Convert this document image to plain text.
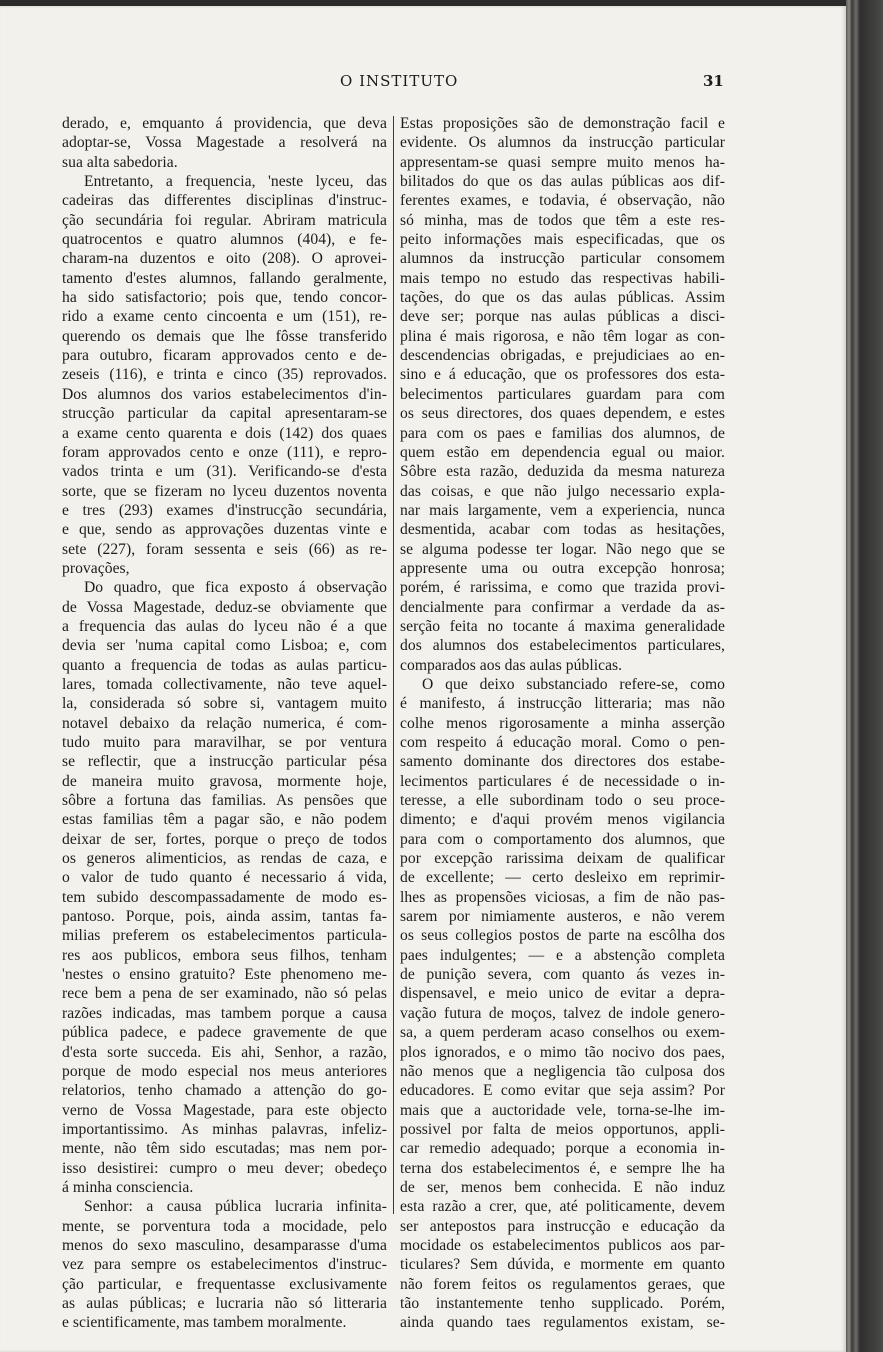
O INSTITUTO	31

derado, e, emquanto á providencia, que deva

adoptar-se, Vossa Magestade a resolverá na

sua alta sabedoria.

Entretanto, a frequencia, 'neste lyceu, das

cadeiras das differentes disciplinas d'instruc-

ção secundária foi regular. Abriram matricula

quatrocentos e quatro alumnos (404), e fe-

charam-na duzentos e oito (208). O aprovei-

tamento d'estes alumnos, fallando geralmente,

ha sido satisfactorio; pois que, tendo concor-

rido a exame cento cincoenta e um (151), re-

querendo os demais que lhe fôsse transferido

para outubro, ficaram approvados cento e de-

zeseis (116), e trinta e cinco (35) reprovados.

Dos alumnos dos varios estabelecimentos d'in-

strucção particular da capital apresentaram-se

a exame cento quarenta e dois (142) dos quaes

foram approvados cento e onze (111), e repro-

vados trinta e um (31). Verificando-se d'esta

sorte, que se fizeram no lyceu duzentos noventa

e tres (293) exames d'instrucção secundária,

e que, sendo as approvações duzentas vinte e

sete (227), foram sessenta e seis (66) as re-

provações,

Do quadro, que fica exposto á observação

de Vossa Magestade, deduz-se obviamente que

a frequencia das aulas do lyceu não é a que

devia ser 'numa capital como Lisboa; e, com

quanto a frequencia de todas as aulas particu-

lares, tomada collectivamente, não teve aquel-

la, considerada só sobre si, vantagem muito

notavel debaixo da relação numerica, é com-

tudo muito para maravilhar, se por ventura

se reflectir, que a instrucção particular pésa

de maneira muito gravosa, mormente hoje,

sôbre a fortuna das familias. As pensões que

estas familias têm a pagar são, e não podem

deixar de ser, fortes, porque o preço de todos

os generos alimenticios, as rendas de caza, e

o valor de tudo quanto é necessario á vida,

tem subido descompassadamente de modo es-

pantoso. Porque, pois, ainda assim, tantas fa-

milias preferem os estabelecimentos particula-

res aos publicos, embora seus filhos, tenham

'nestes o ensino gratuito? Este phenomeno me-

rece bem a pena de ser examinado, não só pelas

razões indicadas, mas tambem porque a causa

pública padece, e padece gravemente de que

d'esta sorte succeda. Eis ahi, Senhor, a razão,

porque de modo especial nos meus anteriores

relatorios, tenho chamado a attenção do go-

verno de Vossa Magestade, para este objecto

importantissimo. As minhas palavras, infeliz-

mente, não têm sido escutadas; mas nem por-

isso desistirei: cumpro o meu dever; obedeço

á minha consciencia.

Senhor: a causa pública lucraria infinita-

mente, se porventura toda a mocidade, pelo

menos do sexo masculino, desamparasse d'uma

vez para sempre os estabelecimentos d'instruc-

ção particular, e frequentasse exclusivamente

as aulas públicas; e lucraria não só litteraria

e scientificamente, mas tambem moralmente.

Estas proposições são de demonstração facil e

evidente. Os alumnos da instrucção particular

appresentam-se quasi sempre muito menos ha-

bilitados do que os das aulas públicas aos dif-

ferentes exames, e todavia, é observação, não

só minha, mas de todos que têm a este res-

peito informações mais especificadas, que os

alumnos da instrucção particular consomem

mais tempo no estudo das respectivas habili-

tações, do que os das aulas públicas. Assim

deve ser; porque nas aulas públicas a disci-

plina é mais rigorosa, e não têm logar as con-

descendencias obrigadas, e prejudiciaes ao en-

sino e á educação, que os professores dos esta-

belecimentos particulares guardam para com

os seus directores, dos quaes dependem, e estes

para com os paes e familias dos alumnos, de

quem estão em dependencia egual ou maior.

Sôbre esta razão, deduzida da mesma natureza

das coisas, e que não julgo necessario expla-

nar mais largamente, vem a experiencia, nunca

desmentida, acabar com todas as hesitações,

se alguma podesse ter logar. Não nego que se

appresente uma ou outra excepção honrosa;

porém, é rarissima, e como que trazida provi-

dencialmente para confirmar a verdade da as-

serção feita no tocante á maxima generalidade

dos alumnos dos estabelecimentos particulares,

comparados aos das aulas públicas.

O que deixo substanciado refere-se, como

é manifesto, á instrucção litteraria; mas não

colhe menos rigorosamente a minha asserção

com respeito á educação moral. Como o pen-

samento dominante dos directores dos estabe-

lecimentos particulares é de necessidade o in-

teresse, a elle subordinam todo o seu proce-

dimento; e d'aqui provém menos vigilancia

para com o comportamento dos alumnos, que

por excepção rarissima deixam de qualificar

de excellente; — certo desleixo em reprimir-

lhes as propensões viciosas, a fim de não pas-

sarem por nimiamente austeros, e não verem

os seus collegios postos de parte na escôlha dos

paes indulgentes; — e a abstenção completa

de punição severa, com quanto ás vezes in-

dispensavel, e meio unico de evitar a depra-

vação futura de moços, talvez de indole genero-

sa, a quem perderam acaso conselhos ou exem-

plos ignorados, e o mimo tão nocivo dos paes,

não menos que a negligencia tão culposa dos

educadores. E como evitar que seja assim? Por

mais que a auctoridade vele, torna-se-lhe im-

possivel por falta de meios opportunos, appli-

car remedio adequado; porque a economia in-

terna dos estabelecimentos é, e sempre lhe ha

de ser, menos bem conhecida. E não induz

esta razão a crer, que, até politicamente, devem

ser antepostos para instrucção e educação da

mocidade os estabelecimentos publicos aos par-

ticulares? Sem dúvida, e mormente em quanto

não forem feitos os regulamentos geraes, que

tão instantemente tenho supplicado. Porém,

ainda quando taes regulamentos existam, se-
